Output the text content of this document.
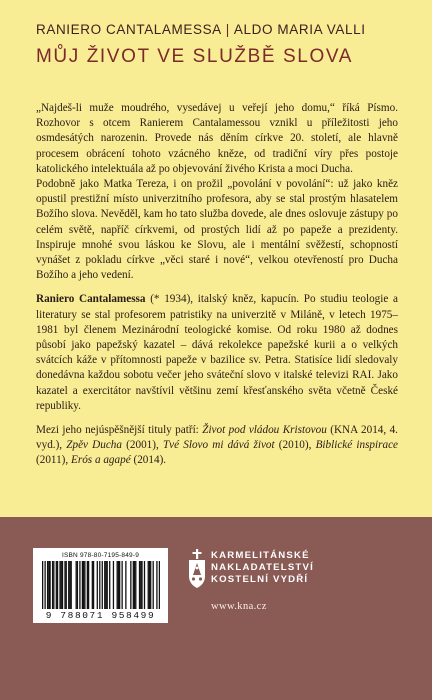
RANIERO CANTALAMESSA | ALDO MARIA VALLI
MŮJ ŽIVOT VE SLUŽBĚ SLOVA

„Najdeš-li muže moudrého, vysedávej u veřejí jeho domu,“ říká Písmo. Rozhovor s otcem Ranierem Cantalamessou vznikl u příležitosti jeho osmdesátých narozenin. Provede nás děním církve 20. století, ale hlavně procesem obrácení tohoto vzácného kněze, od tradiční víry přes postoje katolického intelektuála až po objevování živého Krista a moci Ducha.

Podobně jako Matka Tereza, i on prožil „povolání v povolání“: už jako kněz opustil prestižní místo univerzitního profesora, aby se stal prostým hlasatelem Božího slova. Nevěděl, kam ho tato služba dovede, ale dnes oslovuje zástupy po celém světě, napříč církvemi, od prostých lidí až po papeže a prezidenty. Inspiruje mnohé svou láskou ke Slovu, ale i mentální svěžestí, schopností vynášet z pokladu církve „věci staré i nové“, velkou otevřeností pro Ducha Božího a jeho vedení.

Raniero Cantalamessa (* 1934), italský kněz, kapucín. Po studiu teologie a literatury se stal profesorem patristiky na univerzitě v Miláně, v letech 1975–1981 byl členem Mezinárodní teologické komise. Od roku 1980 až dodnes působí jako papežský kazatel – dává rekolekce papežské kurii a o velkých svátcích káže v přítomnosti papeže v bazilice sv. Petra. Statisíce lidí sledovaly donedávna každou sobotu večer jeho sváteční slovo v italské televizi RAI. Jako kazatel a exercitátor navštívil většinu zemí křesťanského světa včetně České republiky.

Mezi jeho nejúspěšnější tituly patří: Život pod vládou Kristovou (KNA 2014, 4. vyd.), Zpěv Ducha (2001), Tvé Slovo mi dává život (2010), Biblické inspirace (2011), Erós a agapé (2014).

ISBN 978-80-7195-849-9
9 788071 958499
KARMELITÁNSKÉ
NAKLADATELSTVÍ
KOSTELNÍ VYDŘÍ
www.kna.cz
